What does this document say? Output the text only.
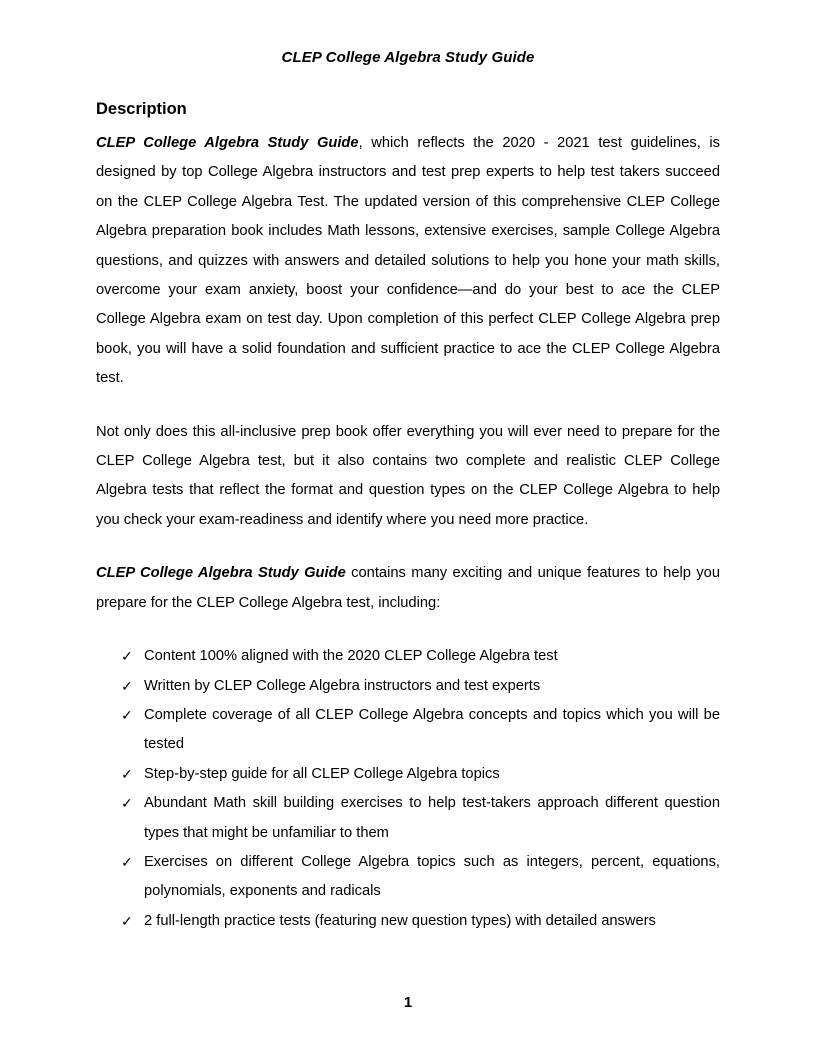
CLEP College Algebra Study Guide
Description

CLEP College Algebra Study Guide, which reflects the 2020 - 2021 test guidelines, is designed by top College Algebra instructors and test prep experts to help test takers succeed on the CLEP College Algebra Test. The updated version of this comprehensive CLEP College Algebra preparation book includes Math lessons, extensive exercises, sample College Algebra questions, and quizzes with answers and detailed solutions to help you hone your math skills, overcome your exam anxiety, boost your confidence—and do your best to ace the CLEP College Algebra exam on test day. Upon completion of this perfect CLEP College Algebra prep book, you will have a solid foundation and sufficient practice to ace the CLEP College Algebra test.

Not only does this all-inclusive prep book offer everything you will ever need to prepare for the CLEP College Algebra test, but it also contains two complete and realistic CLEP College Algebra tests that reflect the format and question types on the CLEP College Algebra to help you check your exam-readiness and identify where you need more practice.

CLEP College Algebra Study Guide contains many exciting and unique features to help you prepare for the CLEP College Algebra test, including:

✓ Content 100% aligned with the 2020 CLEP College Algebra test
✓ Written by CLEP College Algebra instructors and test experts
✓ Complete coverage of all CLEP College Algebra concepts and topics which you will be tested
✓ Step-by-step guide for all CLEP College Algebra topics
✓ Abundant Math skill building exercises to help test-takers approach different question types that might be unfamiliar to them
✓ Exercises on different College Algebra topics such as integers, percent, equations, polynomials, exponents and radicals
✓ 2 full-length practice tests (featuring new question types) with detailed answers
1
